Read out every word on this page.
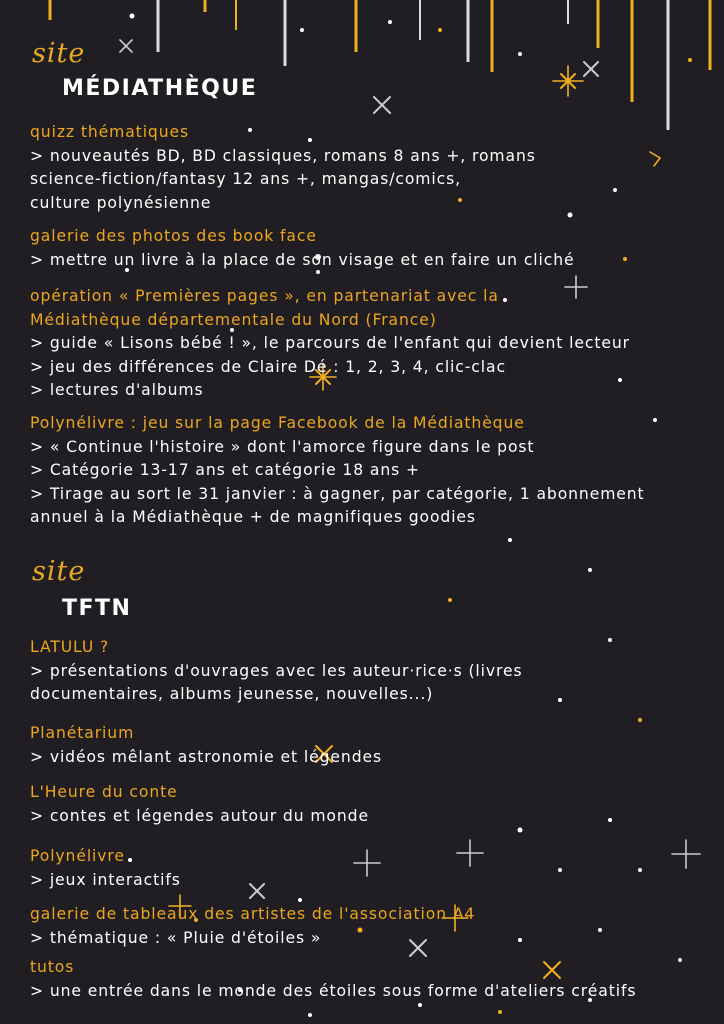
site
MÉDIATHÈQUE
quizz thématiques
> nouveautés BD, BD classiques, romans 8 ans +, romans
science-fiction/fantasy 12 ans +, mangas/comics,
culture polynésienne
galerie des photos des book face
> mettre un livre à la place de son visage et en faire un cliché
opération « Premières pages », en partenariat avec la
Médiathèque départementale du Nord (France)
> guide « Lisons bébé ! », le parcours de l'enfant qui devient lecteur
> jeu des différences de Claire Dé : 1, 2, 3, 4, clic-clac
> lectures d'albums
Polynélivre : jeu sur la page Facebook de la Médiathèque
> « Continue l'histoire » dont l'amorce figure dans le post
> Catégorie 13-17 ans et catégorie 18 ans +
> Tirage au sort le 31 janvier : à gagner, par catégorie, 1 abonnement
annuel à la Médiathèque + de magnifiques goodies
site
TFTN
LATULU ?
> présentations d'ouvrages avec les auteur·rice·s (livres
documentaires, albums jeunesse, nouvelles...)
Planétarium
> vidéos mêlant astronomie et légendes
L'Heure du conte
> contes et légendes autour du monde
Polynélivre
> jeux interactifs
galerie de tableaux des artistes de l'association A4
> thématique : « Pluie d'étoiles »
tutos
> une entrée dans le monde des étoiles sous forme d'ateliers créatifs
